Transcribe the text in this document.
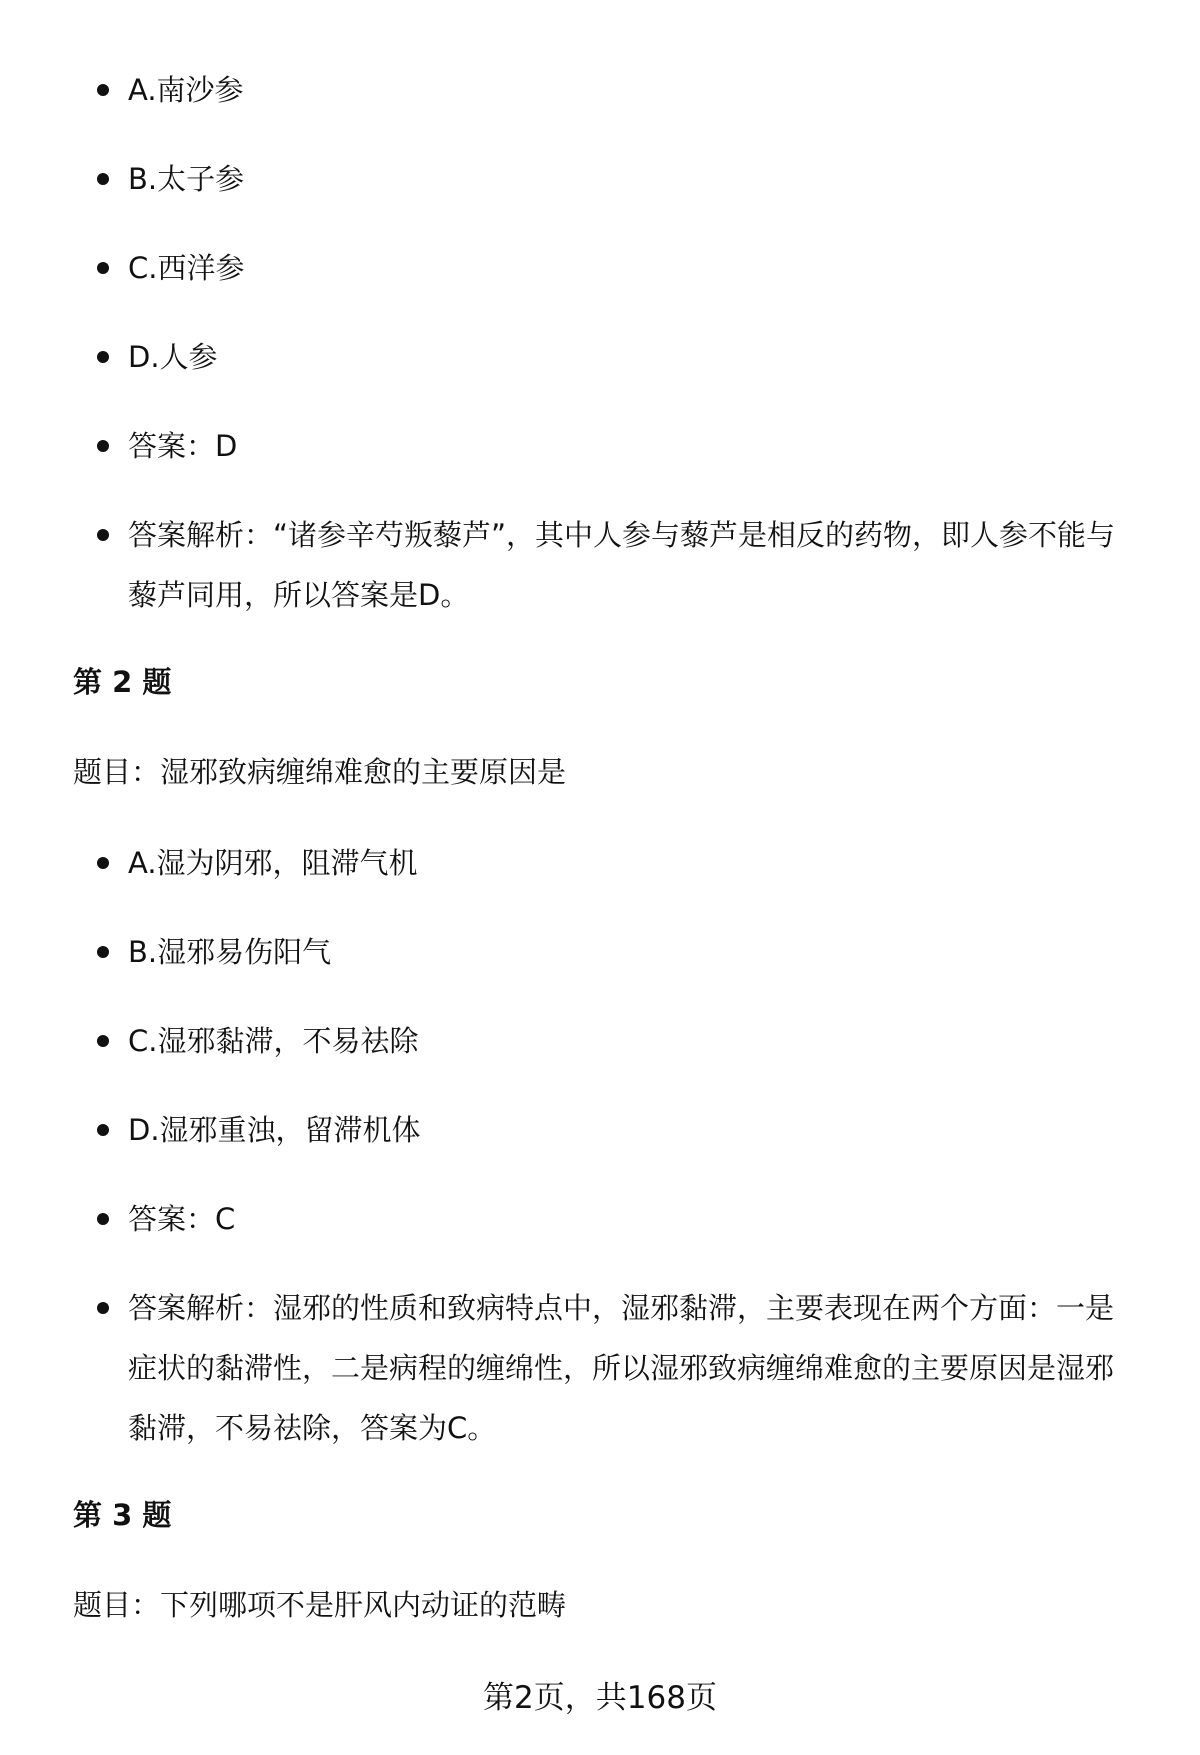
A.南沙参
B.太子参
C.西洋参
D.人参
答案：D
答案解析：“诸参辛芍叛藜芦”，其中人参与藜芦是相反的药物，即人参不能与藜芦同用，所以答案是D。
第 2 题
题目：湿邪致病缠绵难愈的主要原因是
A.湿为阴邪，阻滞气机
B.湿邪易伤阳气
C.湿邪黏滞，不易祛除
D.湿邪重浊，留滞机体
答案：C
答案解析：湿邪的性质和致病特点中，湿邪黏滞，主要表现在两个方面：一是症状的黏滞性，二是病程的缠绵性，所以湿邪致病缠绵难愈的主要原因是湿邪黏滞，不易祛除，答案为C。
第 3 题
题目：下列哪项不是肝风内动证的范畴
第2页，共168页
